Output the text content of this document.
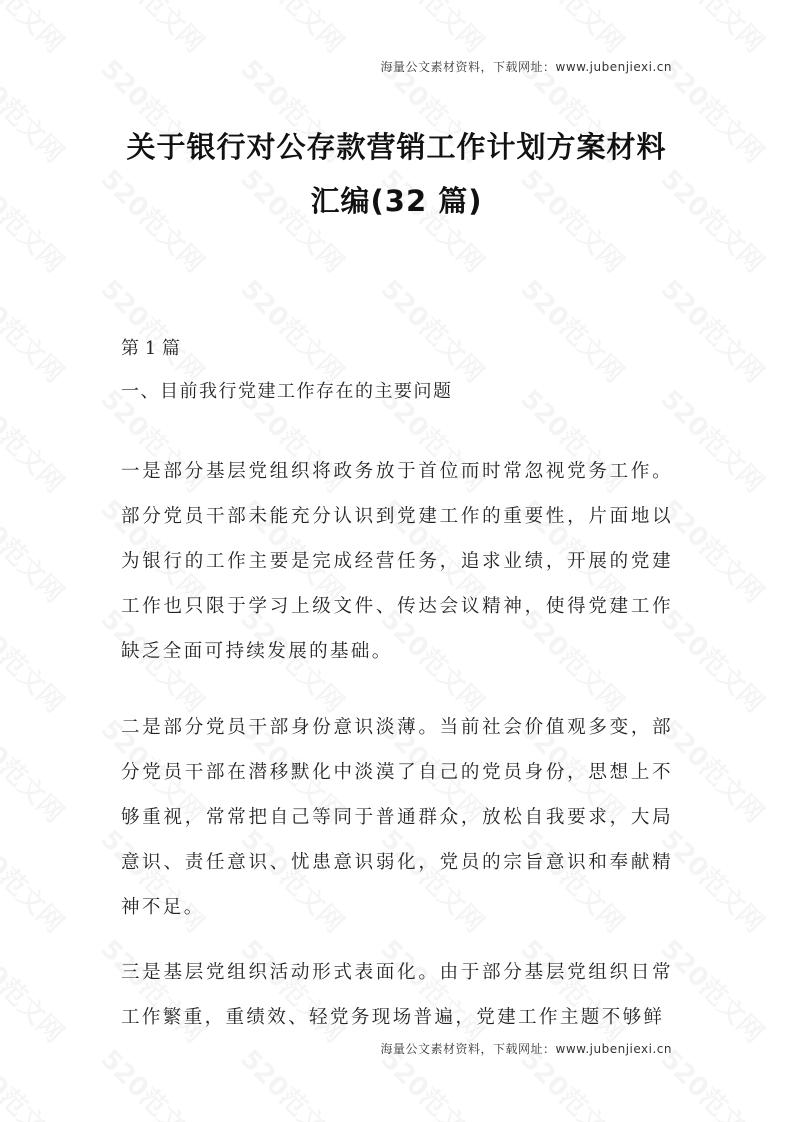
海量公文素材资料，下载网址：www.jubenjiexi.cn
关于银行对公存款营销工作计划方案材料
汇编(32 篇)
第 1 篇
一、目前我行党建工作存在的主要问题
一是部分基层党组织将政务放于首位而时常忽视党务工作。部分党员干部未能充分认识到党建工作的重要性，片面地以为银行的工作主要是完成经营任务，追求业绩，开展的党建工作也只限于学习上级文件、传达会议精神，使得党建工作缺乏全面可持续发展的基础。
二是部分党员干部身份意识淡薄。当前社会价值观多变，部分党员干部在潜移默化中淡漠了自己的党员身份，思想上不够重视，常常把自己等同于普通群众，放松自我要求，大局意识、责任意识、忧患意识弱化，党员的宗旨意识和奉献精神不足。
三是基层党组织活动形式表面化。由于部分基层党组织日常工作繁重，重绩效、轻党务现场普遍，党建工作主题不够鲜
海量公文素材资料，下载网址：www.jubenjiexi.cn
